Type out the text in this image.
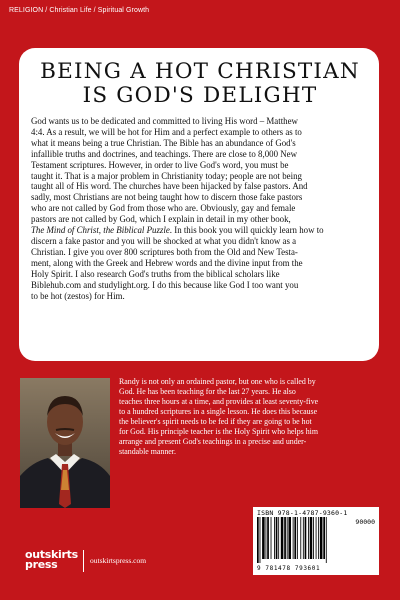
RELIGION / Christian Life / Spiritual Growth
BEING A HOT CHRISTIAN
IS GOD'S DELIGHT
God wants us to be dedicated and committed to living His word – Matthew
4:4. As a result, we will be hot for Him and a perfect example to others as to
what it means being a true Christian. The Bible has an abundance of God's
infallible truths and doctrines, and teachings. There are close to 8,000 New
Testament scriptures. However, in order to live God's word, you must be
taught it. That is a major problem in Christianity today; people are not being
taught all of His word. The churches have been hijacked by false pastors. And
sadly, most Christians are not being taught how to discern those fake pastors
who are not called by God from those who are. Obviously, gay and female
pastors are not called by God, which I explain in detail in my other book,
The Mind of Christ, the Biblical Puzzle. In this book you will quickly learn how to
discern a fake pastor and you will be shocked at what you didn't know as a
Christian. I give you over 800 scriptures both from the Old and New Testa-
ment, along with the Greek and Hebrew words and the divine input from the
Holy Spirit. I also research God's truths from the biblical scholars like
Biblehub.com and studylight.org. I do this because like God I too want you
to be hot (zestos) for Him.
Randy is not only an ordained pastor, but one who is called by
God. He has been teaching for the last 27 years. He also
teaches three hours at a time, and provides at least seventy-five
to a hundred scriptures in a single lesson. He does this because
the believer's spirit needs to be fed if they are going to be hot
for God. His principle teacher is the Holy Spirit who helps him
arrange and present God's teachings in a precise and under-
standable manner.
ISBN 978-1-4787-9360-1
90000
9 781478 793601
outskirts
press	outskirtspress.com
